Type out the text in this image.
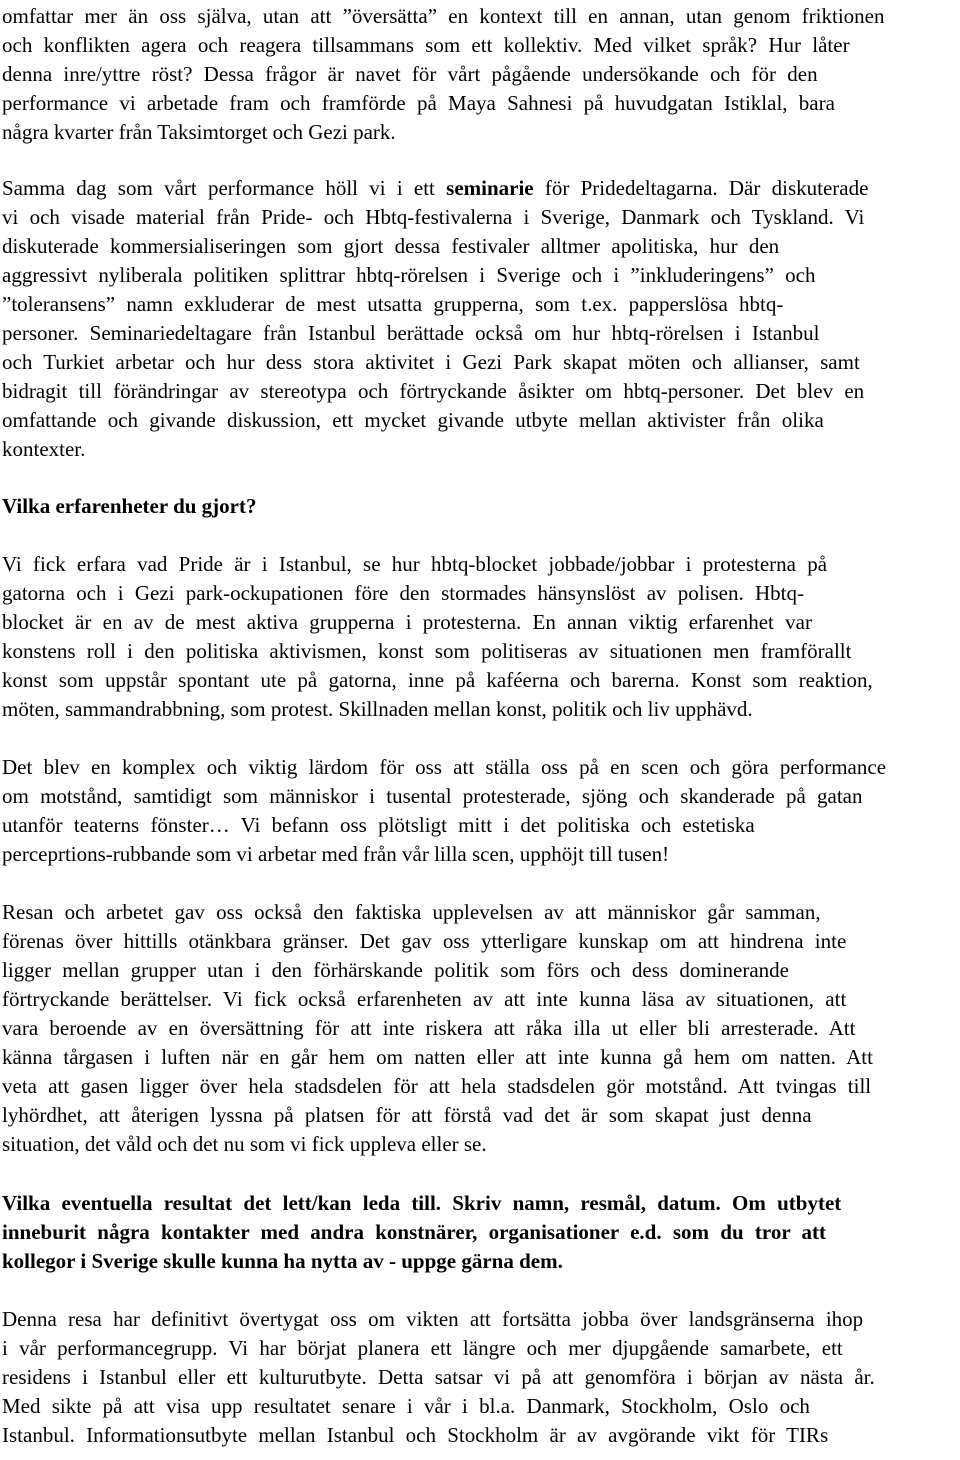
omfattar mer än oss själva, utan att ”översätta” en kontext till en annan, utan genom friktionen
och konflikten agera och reagera tillsammans som ett kollektiv. Med vilket språk? Hur låter
denna inre/yttre röst? Dessa frågor är navet för vårt pågående undersökande och för den
performance vi arbetade fram och framförde på Maya Sahnesi på huvudgatan Istiklal, bara
några kvarter från Taksimtorget och Gezi park.
Samma dag som vårt performance höll vi i ett seminarie för Pridedeltagarna. Där diskuterade
vi och visade material från Pride- och Hbtq-festivalerna i Sverige, Danmark och Tyskland. Vi
diskuterade kommersialiseringen som gjort dessa festivaler alltmer apolitiska, hur den
aggressivt nyliberala politiken splittrar hbtq-rörelsen i Sverige och i ”inkluderingens” och
”toleransens” namn exkluderar de mest utsatta grupperna, som t.ex. papperslösa hbtq-
personer. Seminariedeltagare från Istanbul berättade också om hur hbtq-rörelsen i Istanbul
och Turkiet arbetar och hur dess stora aktivitet i Gezi Park skapat möten och allianser, samt
bidragit till förändringar av stereotypa och förtryckande åsikter om hbtq-personer. Det blev en
omfattande och givande diskussion, ett mycket givande utbyte mellan aktivister från olika
kontexter.
Vilka erfarenheter du gjort?
Vi fick erfara vad Pride är i Istanbul, se hur hbtq-blocket jobbade/jobbar i protesterna på
gatorna och i Gezi park-ockupationen före den stormades hänsynslöst av polisen. Hbtq-
blocket är en av de mest aktiva grupperna i protesterna. En annan viktig erfarenhet var
konstens roll i den politiska aktivismen, konst som politiseras av situationen men framförallt
konst som uppstår spontant ute på gatorna, inne på kaféerna och barerna. Konst som reaktion,
möten, sammandrabbning, som protest. Skillnaden mellan konst, politik och liv upphävd.
Det blev en komplex och viktig lärdom för oss att ställa oss på en scen och göra performance
om motstånd, samtidigt som människor i tusental protesterade, sjöng och skanderade på gatan
utanför teaterns fönster… Vi befann oss plötsligt mitt i det politiska och estetiska
perceprtions-rubbande som vi arbetar med från vår lilla scen, upphöjt till tusen!
Resan och arbetet gav oss också den faktiska upplevelsen av att människor går samman,
förenas över hittills otänkbara gränser. Det gav oss ytterligare kunskap om att hindrena inte
ligger mellan grupper utan i den förhärskande politik som förs och dess dominerande
förtryckande berättelser. Vi fick också erfarenheten av att inte kunna läsa av situationen, att
vara beroende av en översättning för att inte riskera att råka illa ut eller bli arresterade. Att
känna tårgasen i luften när en går hem om natten eller att inte kunna gå hem om natten. Att
veta att gasen ligger över hela stadsdelen för att hela stadsdelen gör motstånd. Att tvingas till
lyhördhet, att återigen lyssna på platsen för att förstå vad det är som skapat just denna
situation, det våld och det nu som vi fick uppleva eller se.
Vilka eventuella resultat det lett/kan leda till. Skriv namn, resmål, datum. Om utbytet
inneburit några kontakter med andra konstnärer, organisationer e.d. som du tror att
kollegor i Sverige skulle kunna ha nytta av - uppge gärna dem.
Denna resa har definitivt övertygat oss om vikten att fortsätta jobba över landsgränserna ihop
i vår performancegrupp. Vi har börjat planera ett längre och mer djupgående samarbete, ett
residens i Istanbul eller ett kulturutbyte. Detta satsar vi på att genomföra i början av nästa år.
Med sikte på att visa upp resultatet senare i vår i bl.a. Danmark, Stockholm, Oslo och
Istanbul. Informationsutbyte mellan Istanbul och Stockholm är av avgörande vikt för TIRs
